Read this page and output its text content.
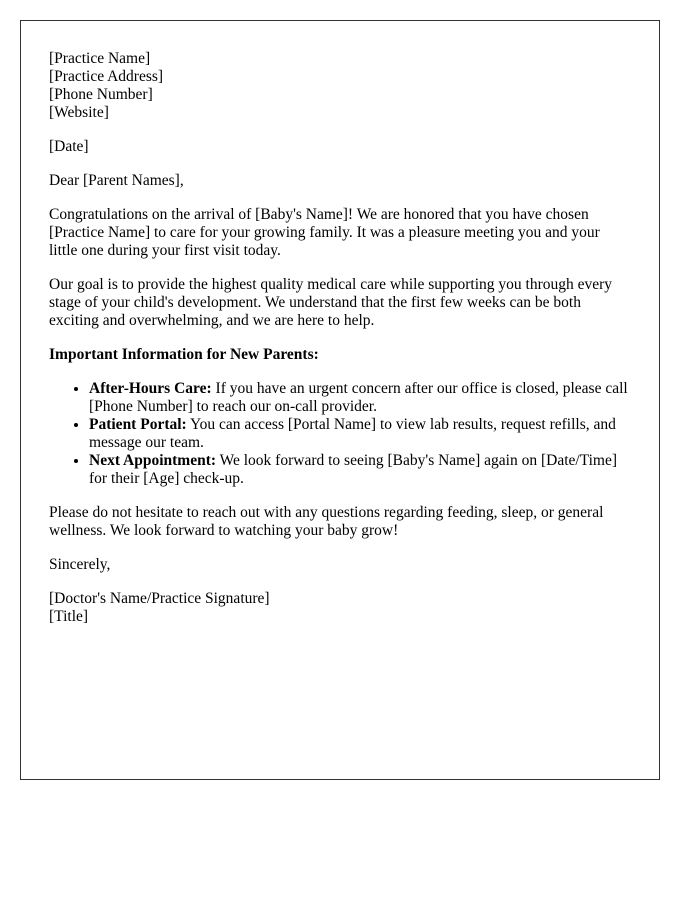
[Practice Name]
[Practice Address]
[Phone Number]
[Website]

[Date]

Dear [Parent Names],

Congratulations on the arrival of [Baby's Name]! We are honored that you have chosen [Practice Name] to care for your growing family. It was a pleasure meeting you and your little one during your first visit today.

Our goal is to provide the highest quality medical care while supporting you through every stage of your child's development. We understand that the first few weeks can be both exciting and overwhelming, and we are here to help.

Important Information for New Parents:

• After-Hours Care: If you have an urgent concern after our office is closed, please call [Phone Number] to reach our on-call provider.
• Patient Portal: You can access [Portal Name] to view lab results, request refills, and message our team.
• Next Appointment: We look forward to seeing [Baby's Name] again on [Date/Time] for their [Age] check-up.

Please do not hesitate to reach out with any questions regarding feeding, sleep, or general wellness. We look forward to watching your baby grow!

Sincerely,

[Doctor's Name/Practice Signature]
[Title]
